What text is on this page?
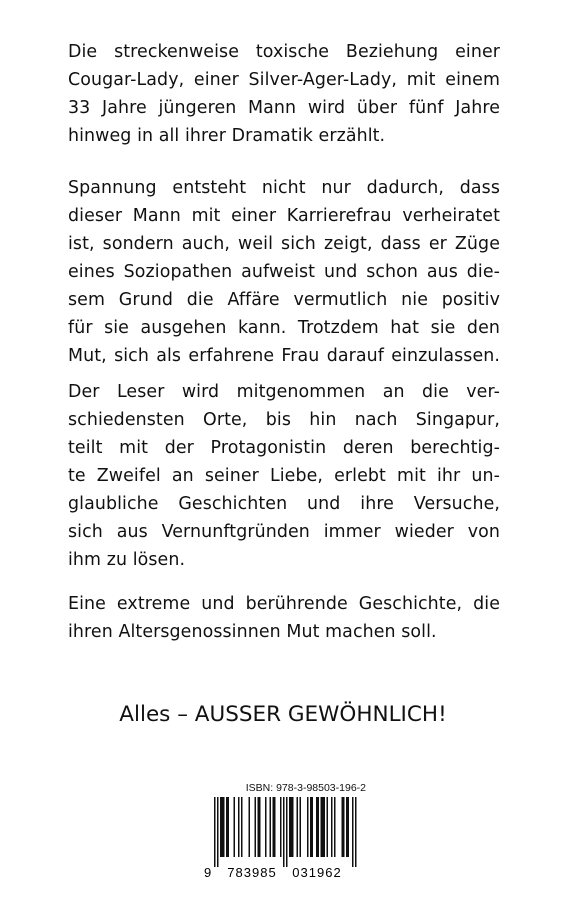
Die streckenweise toxische Beziehung einer
Cougar-Lady, einer Silver-Ager-Lady, mit einem
33 Jahre jüngeren Mann wird über fünf Jahre
hinweg in all ihrer Dramatik erzählt.
Spannung entsteht nicht nur dadurch, dass
dieser Mann mit einer Karrierefrau verheiratet
ist, sondern auch, weil sich zeigt, dass er Züge
eines Soziopathen aufweist und schon aus die-
sem Grund die Affäre vermutlich nie positiv
für sie ausgehen kann. Trotzdem hat sie den
Mut, sich als erfahrene Frau darauf einzulassen.
Der Leser wird mitgenommen an die ver-
schiedensten Orte, bis hin nach Singapur,
teilt mit der Protagonistin deren berechtig-
te Zweifel an seiner Liebe, erlebt mit ihr un-
glaubliche Geschichten und ihre Versuche,
sich aus Vernunftgründen immer wieder von
ihm zu lösen.
Eine extreme und berührende Geschichte, die
ihren Altersgenossinnen Mut machen soll.
Alles – AUSSER GEWÖHNLICH!
ISBN: 978-3-98503-196-2
9 783985 031962
